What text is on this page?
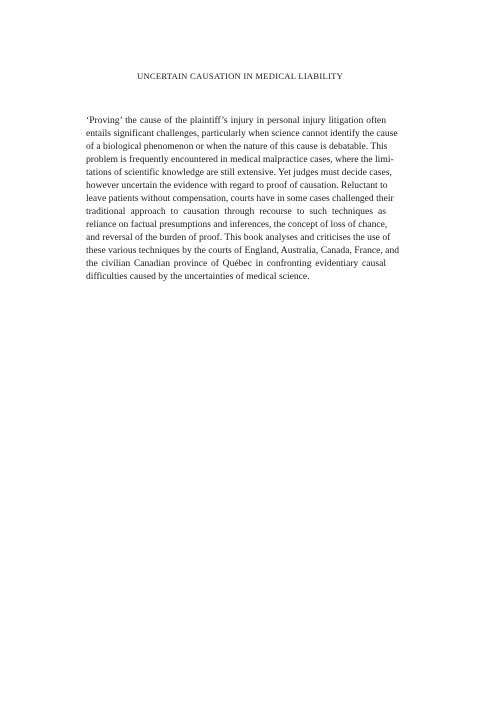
UNCERTAIN CAUSATION IN MEDICAL LIABILITY

‘Proving’ the cause of the plaintiff’s injury in personal injury litigation often

entails significant challenges, particularly when science cannot identify the cause

of a biological phenomenon or when the nature of this cause is debatable. This

problem is frequently encountered in medical malpractice cases, where the limi-

tations of scientific knowledge are still extensive. Yet judges must decide cases,

however uncertain the evidence with regard to proof of causation. Reluctant to

leave patients without compensation, courts have in some cases challenged their

traditional approach to causation through recourse to such techniques as

reliance on factual presumptions and inferences, the concept of loss of chance,

and reversal of the burden of proof. This book analyses and criticises the use of

these various techniques by the courts of England, Australia, Canada, France, and

the civilian Canadian province of Québec in confronting evidentiary causal

difficulties caused by the uncertainties of medical science.
